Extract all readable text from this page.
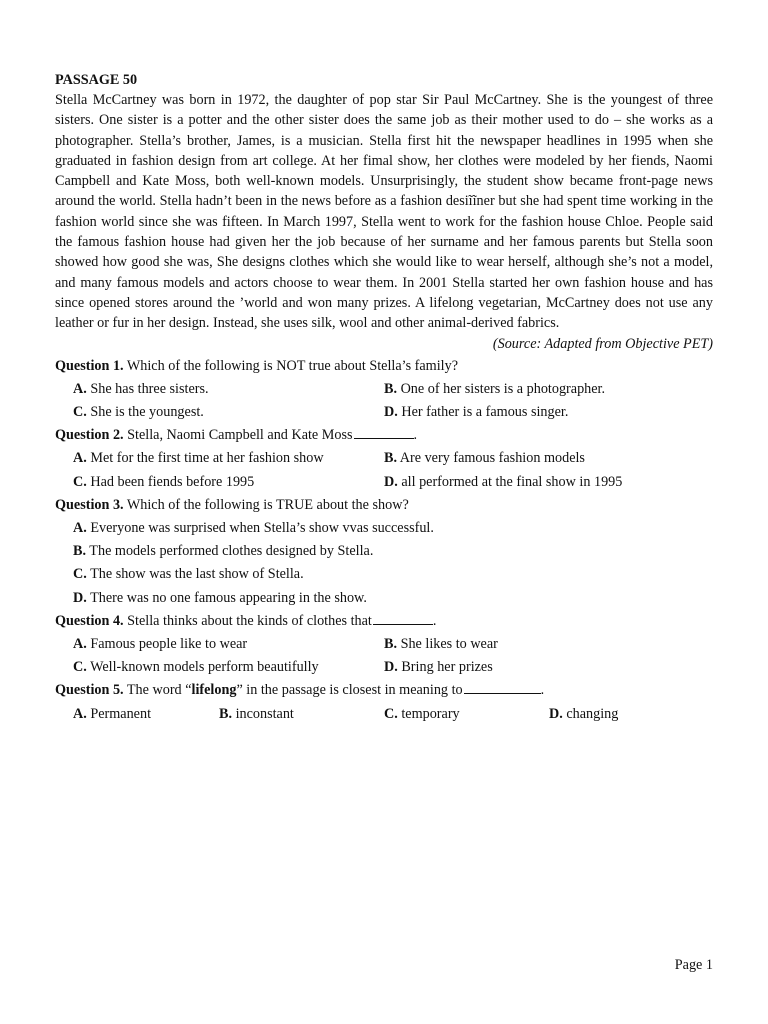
PASSAGE 50

Stella McCartney was born in 1972, the daughter of pop star Sir Paul McCartney. She is the youngest of three sisters. One sister is a potter and the other sister does the same job as their mother used to do – she works as a photographer. Stella’s brother, James, is a musician. Stella first hit the newspaper headlines in 1995 when she graduated in fashion design from art college. At her fimal show, her clothes were modeled by her fiends, Naomi Campbell and Kate Moss, both well-known models. Unsurprisingly, the student show became front-page news around the world. Stella hadn’t been in the news before as a fashion desiĩĩner but she had spent time working in the fashion world since she was fifteen. In March 1997, Stella went to work for the fashion house Chloe. People said the famous fashion house had given her the job because of her surname and her famous parents but Stella soon showed how good she was, She designs clothes which she would like to wear herself, although she’s not a model, and many famous models and actors choose to wear them. In 2001 Stella started her own fashion house and has since opened stores around the ’world and won many prizes. A lifelong vegetarian, McCartney does not use any leather or fur in her design. Instead, she uses silk, wool and other animal-derived fabrics.

(Source: Adapted from Objective PET)
Question 1. Which of the following is NOT true about Stella’s family?
A. She has three sisters.	B. One of her sisters is a photographer.
C. She is the youngest.	D. Her father is a famous singer.
Question 2. Stella, Naomi Campbell and Kate Moss	.
A. Met for the first time at her fashion show	B. Are very famous fashion models
C. Had been fiends before 1995	D. all performed at the final show in 1995
Question 3. Which of the following is TRUE about the show?
A. Everyone was surprised when Stella’s show vvas successful.
B. The models performed clothes designed by Stella.
C. The show was the last show of Stella.
D. There was no one famous appearing in the show.
Question 4. Stella thinks about the kinds of clothes that	.
A. Famous people like to wear	B. She likes to wear
C. Well-known models perform beautifully	D. Bring her prizes
Question 5. The word “lifelong” in the passage is closest in meaning to	.
A. Permanent	B. inconstant	C. temporary	D. changing
Page 1
